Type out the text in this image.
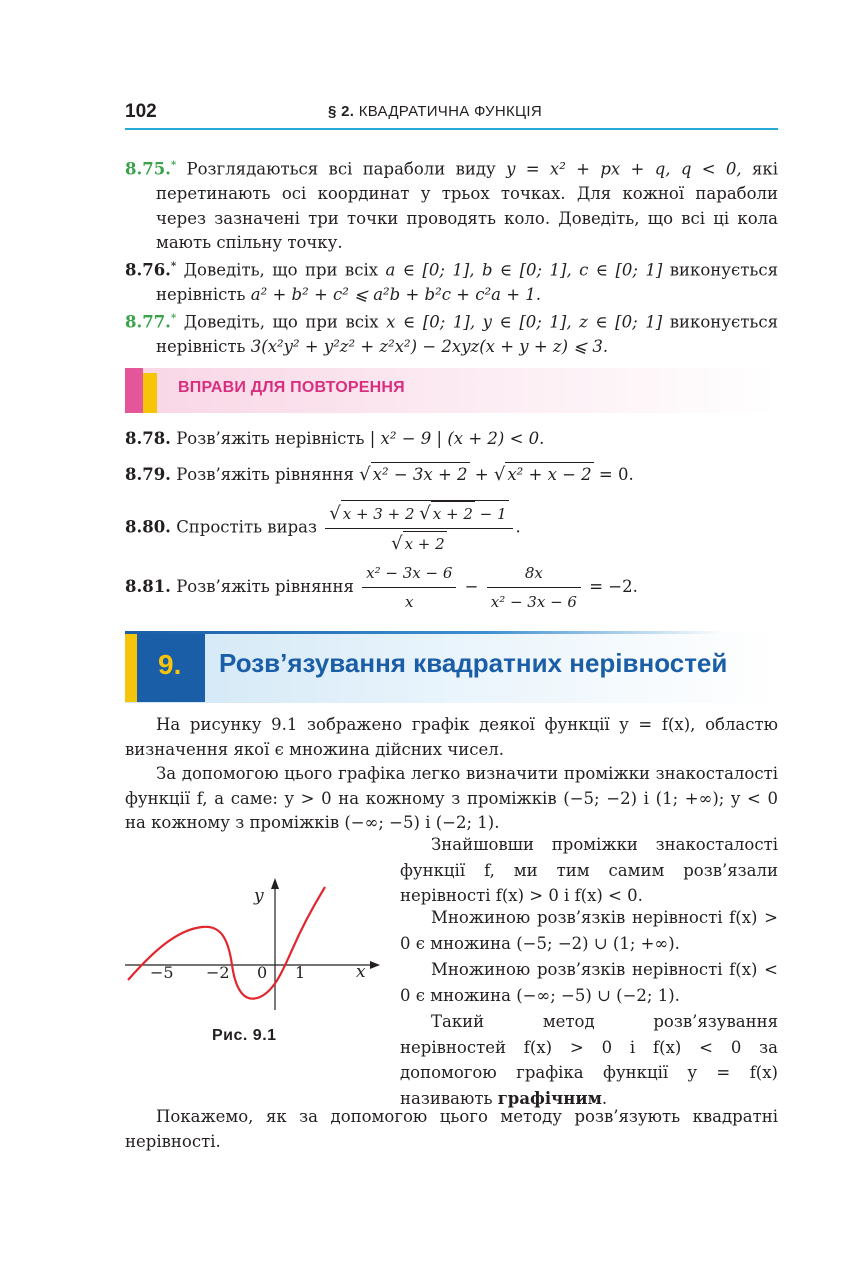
102	§ 2. КВАДРАТИЧНА ФУНКЦІЯ
8.75.* Розглядаються всі параболи виду y = x² + px + q, q < 0, які перетинають осі координат у трьох точках. Для кожної параболи через зазначені три точки проводять коло. Доведіть, що всі ці кола мають спільну точку.
8.76.* Доведіть, що при всіх a ∈ [0; 1], b ∈ [0; 1], c ∈ [0; 1] виконується нерівність a² + b² + c² ⩽ a²b + b²c + c²a + 1.
8.77.* Доведіть, що при всіх x ∈ [0; 1], y ∈ [0; 1], z ∈ [0; 1] виконується нерівність 3(x²y² + y²z² + z²x²) − 2xyz(x + y + z) ⩽ 3.
ВПРАВИ ДЛЯ ПОВТОРЕННЯ
8.78. Розв’яжіть нерівність | x² − 9 | (x + 2) < 0.
8.79. Розв’яжіть рівняння √ x² − 3x + 2 + √ x² + x − 2 = 0.
8.80. Спростіть вираз $\frac{√ x + 3 + 2 √ x + 2 - 1}{√ x + 2}$ .
8.81. Розв’яжіть рівняння $\frac{\text{x² − 3x − 6}}{x} - \frac{8x}{\text{x² − 3x − 6}} = -2$.
9. Розв’язування квадратних нерівностей
На рисунку 9.1 зображено графік деякої функції y = f(x), областю визначення якої є множина дійсних чисел.
За допомогою цього графіка легко визначити проміжки знакосталості функції f, а саме: y > 0 на кожному з проміжків (−5; −2) і (1; +∞); y < 0 на кожному з проміжків (−∞; −5) і (−2; 1).
Знайшовши проміжки знакосталості функції f, ми тим самим розв’язали нерівності f(x) > 0 і f(x) < 0.
Множиною розв’язків нерівності f(x) > 0 є множина (−5; −2) ∪ (1; +∞).
Множиною розв’язків нерівності f(x) < 0 є множина (−∞; −5) ∪ (−2; 1).
Такий метод розв’язування нерівностей f(x) > 0 і f(x) < 0 за допомогою графіка функції y = f(x) називають графічним.
y
x
−5 −2 0 1
Рис. 9.1
Покажемо, як за допомогою цього методу розв’язують квадратні нерівності.
